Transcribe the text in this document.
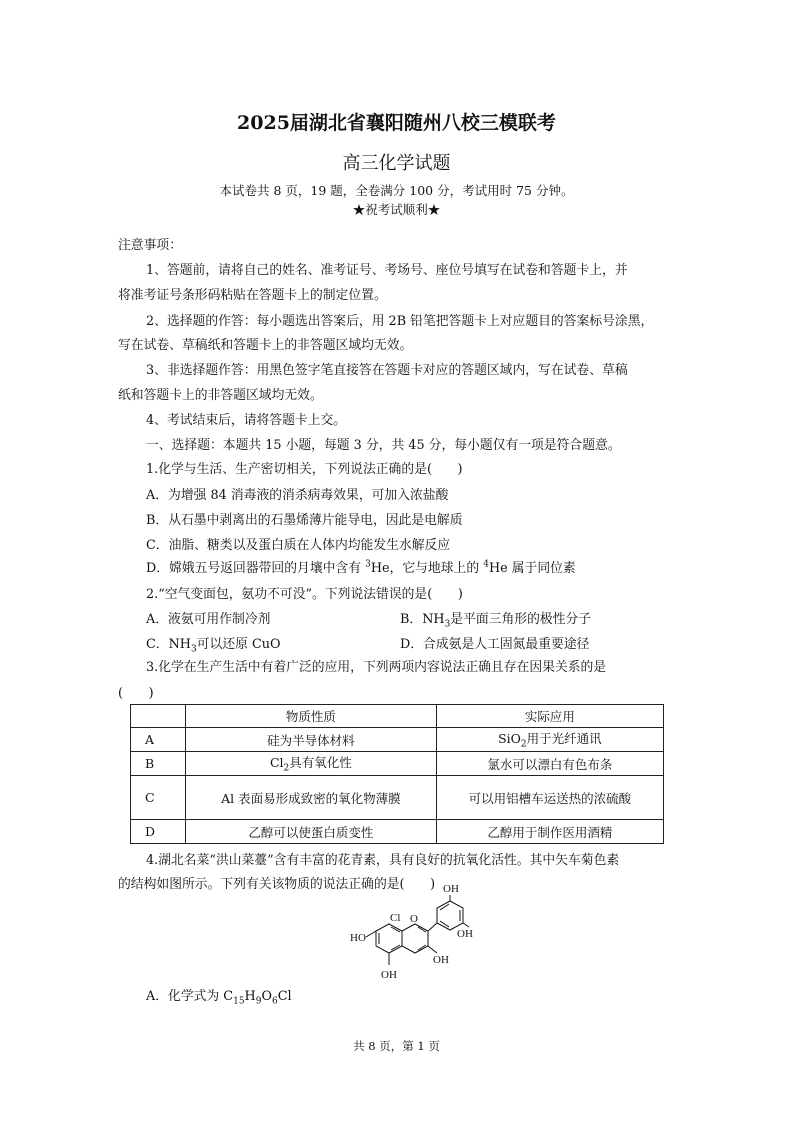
2025届湖北省襄阳随州八校三模联考
高三化学试题
本试卷共 8 页，19 题，全卷满分 100 分，考试用时 75 分钟。
★祝考试顺利★
注意事项：
1、答题前，请将自己的姓名、准考证号、考场号、座位号填写在试卷和答题卡上，并
将准考证号条形码粘贴在答题卡上的制定位置。
2、选择题的作答：每小题选出答案后，用 2B 铅笔把答题卡上对应题目的答案标号涂黑，
写在试卷、草稿纸和答题卡上的非答题区域均无效。
3、非选择题作答：用黑色签字笔直接答在答题卡对应的答题区域内，写在试卷、草稿
纸和答题卡上的非答题区域均无效。
4、考试结束后，请将答题卡上交。
一、选择题：本题共 15 小题，每题 3 分，共 45 分，每小题仅有一项是符合题意。
1.化学与生活、生产密切相关，下列说法正确的是(　　)
A．为增强 84 消毒液的消杀病毒效果，可加入浓盐酸
B．从石墨中剥离出的石墨烯薄片能导电，因此是电解质
C．油脂、糖类以及蛋白质在人体内均能发生水解反应
D．嫦娥五号返回器带回的月壤中含有 $^3$He，它与地球上的 $^4$He 属于同位素
2.“空气变面包，氨功不可没”。下列说法错误的是(　　)
A．液氨可用作制冷剂	B．$NH_3$是平面三角形的极性分子
C．$NH_3$可以还原 CuO	D．合成氨是人工固氮最重要途径
3.化学在生产生活中有着广泛的应用，下列两项内容说法正确且存在因果关系的是
(　　)
	物质性质	实际应用
A	硅为半导体材料	SiO$_2$用于光纤通讯
B	$Cl_2$具有氧化性	氯水可以漂白有色布条
C	Al 表面易形成致密的氧化物薄膜	可以用铝槽车运送热的浓硫酸
D	乙醇可以使蛋白质变性	乙醇用于制作医用酒精
4.湖北名菜“洪山菜薹”含有丰富的花青素，具有良好的抗氧化活性。其中矢车菊色素
的结构如图所示。下列有关该物质的说法正确的是(　　)
HO
OH
OH
OH
OH
Cl O
A．化学式为 $C_{15}H_9O_6Cl$
共 8 页，第 1 页
